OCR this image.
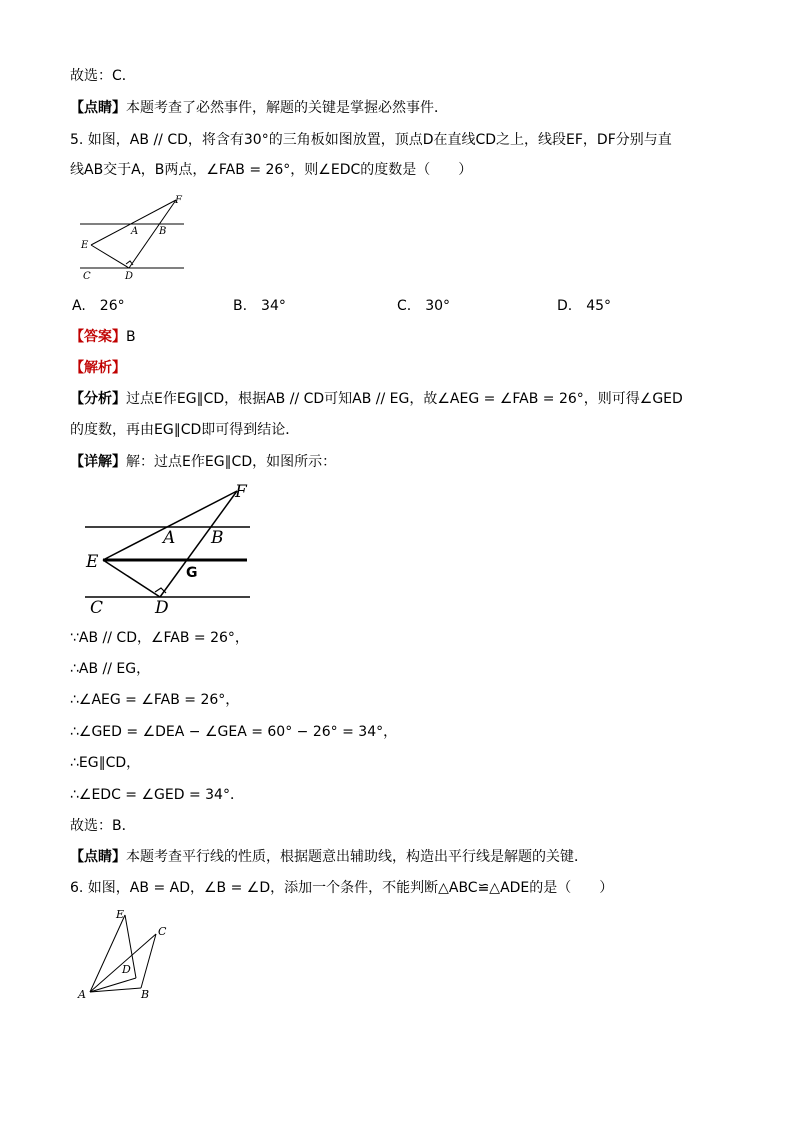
故选：C．
【点睛】本题考查了必然事件，解题的关键是掌握必然事件．
5. 如图，AB // CD，将含有30°的三角板如图放置，顶点D在直线CD之上，线段EF，DF分别与直
线AB交于A，B两点，∠FAB = 26°，则∠EDC的度数是（　　）
F
A B
E
C	D
A.　26°	B.　34°	C.　30°	D.　45°
【答案】B
【解析】
【分析】过点E作EG∥CD，根据AB // CD可知AB // EG，故∠AEG = ∠FAB = 26°，则可得∠GED
的度数，再由EG∥CD即可得到结论．
【详解】解：过点E作EG∥CD，如图所示：
F
A B
E
G
C	D
∵AB // CD，∠FAB = 26°，
∴AB // EG，
∴∠AEG = ∠FAB = 26°，
∴∠GED = ∠DEA − ∠GEA = 60° − 26° = 34°，
∴EG∥CD，
∴∠EDC = ∠GED = 34°．
故选：B．
【点睛】本题考查平行线的性质，根据题意出辅助线，构造出平行线是解题的关键．
6. 如图，AB = AD，∠B = ∠D，添加一个条件，不能判断△ABC≌△ADE的是（　　）
E
C
D
A	B
